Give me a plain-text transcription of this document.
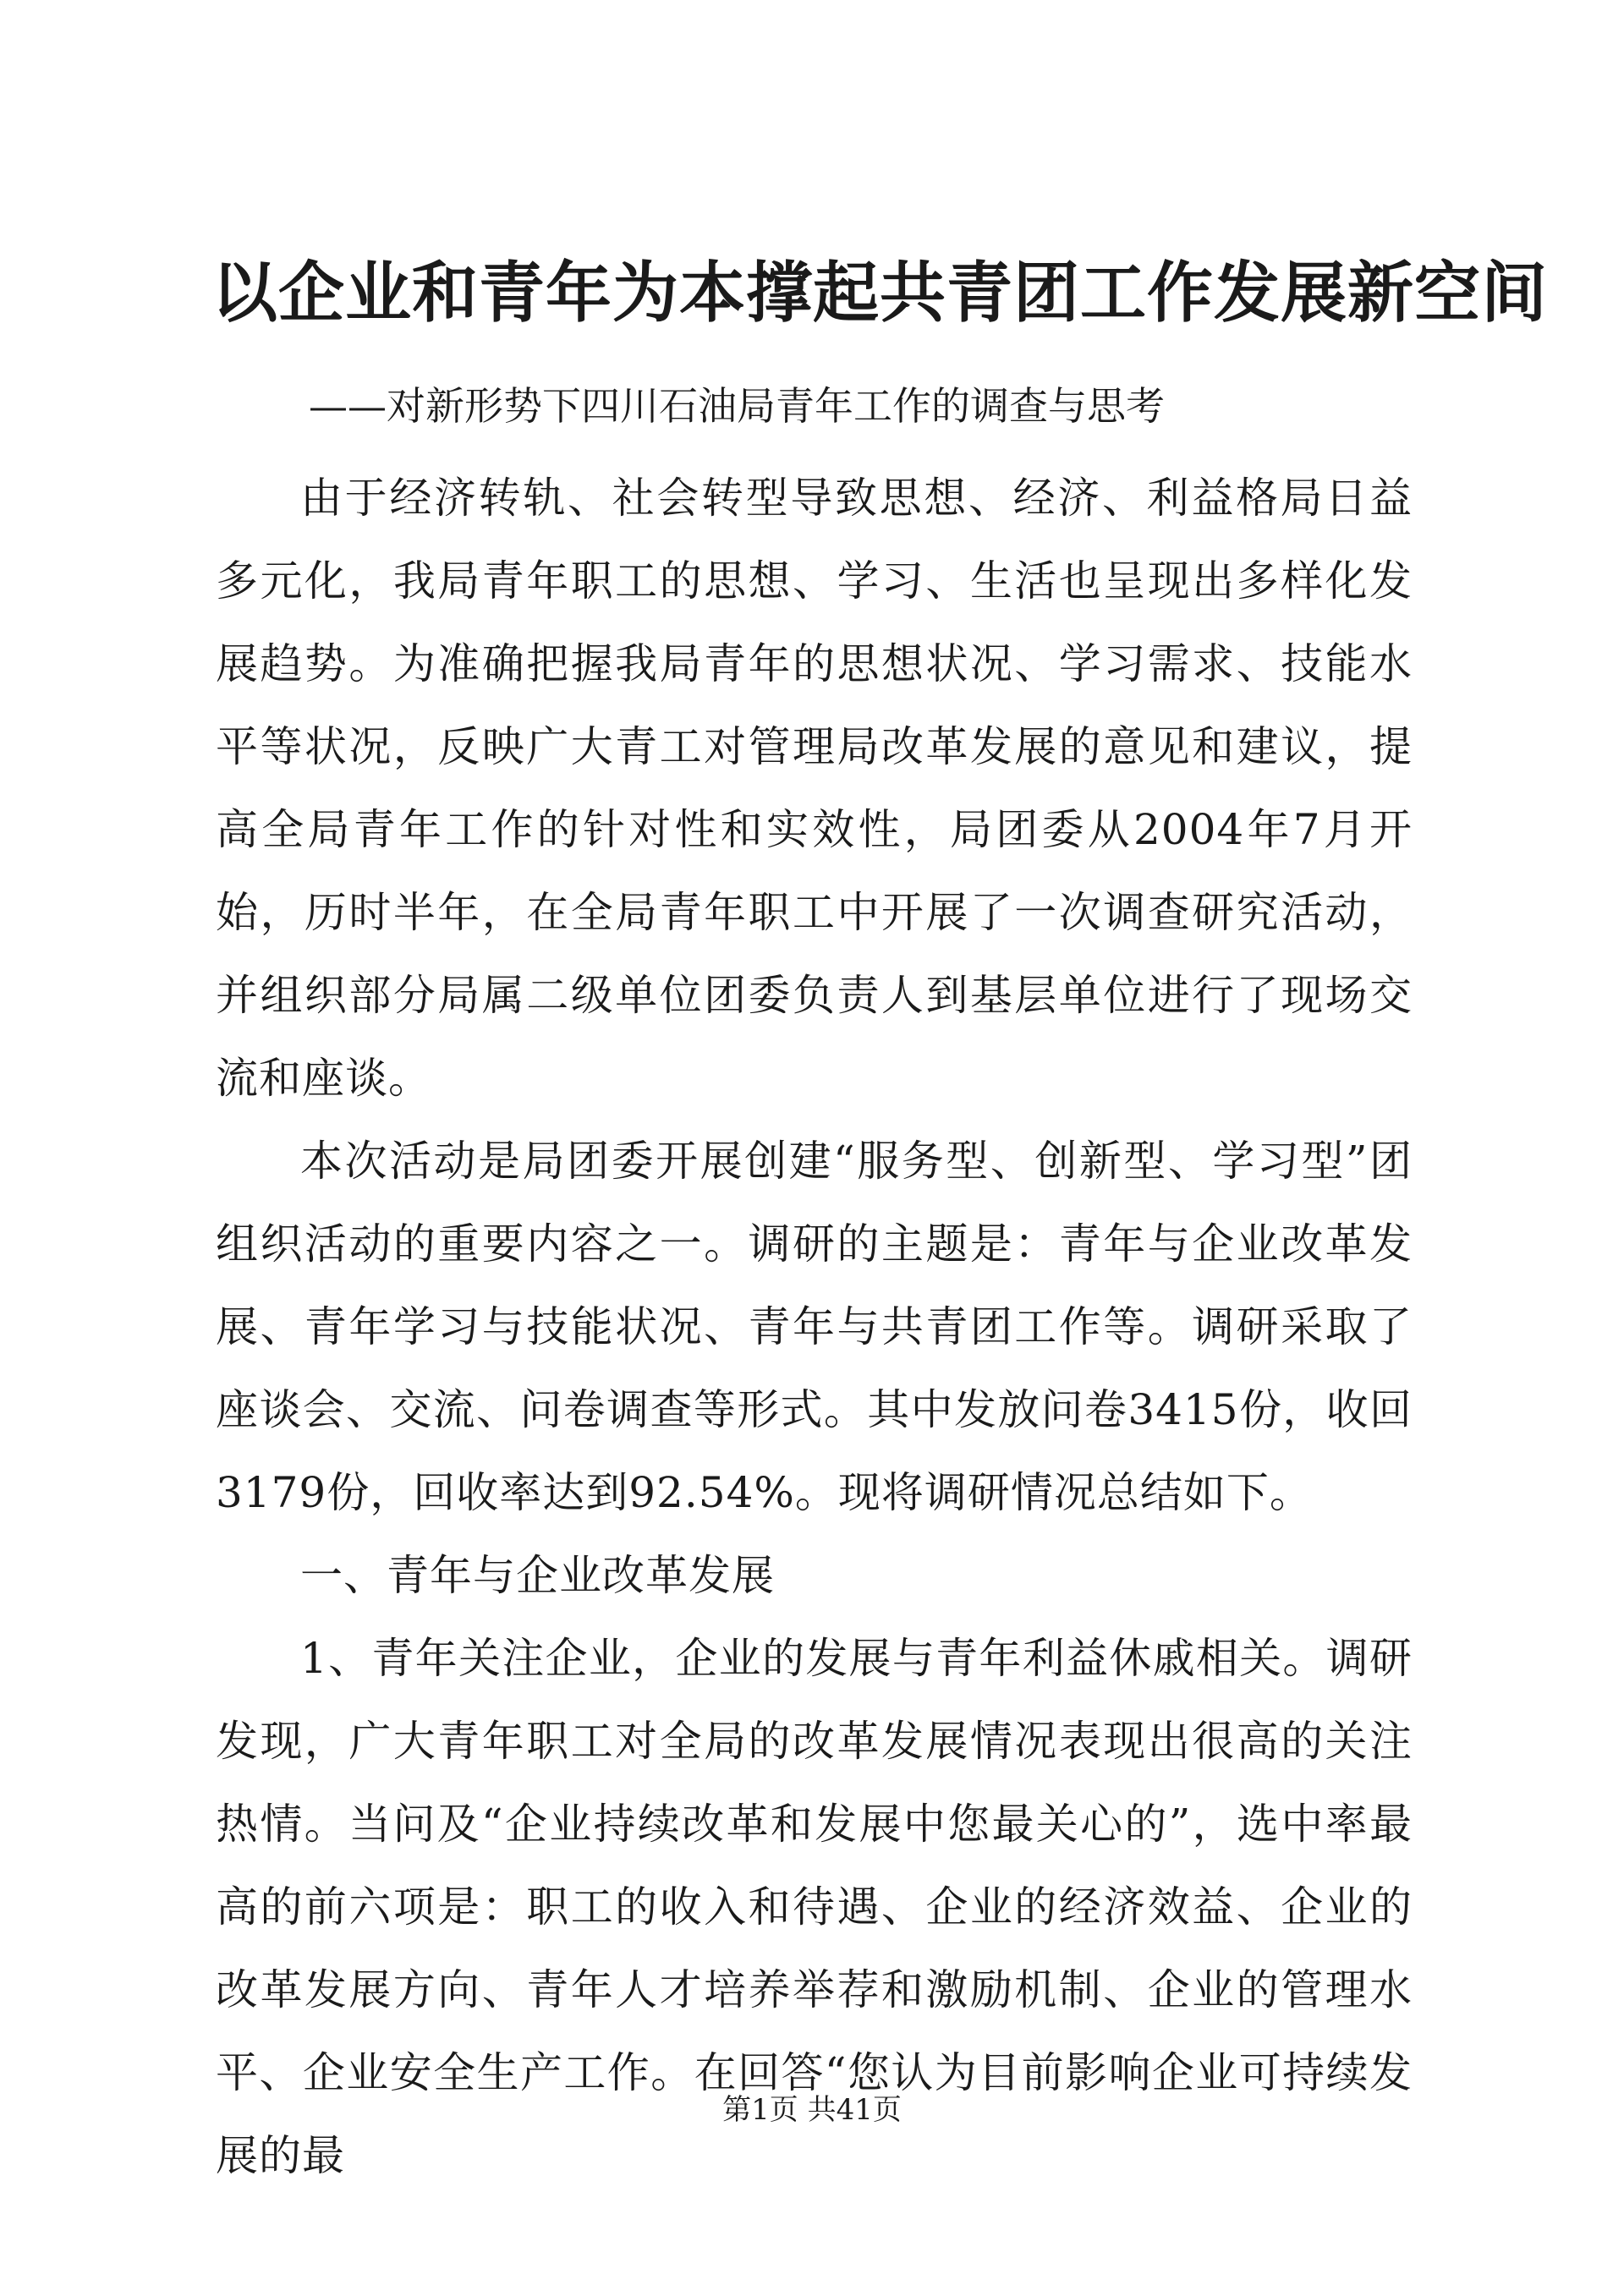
以企业和青年为本撑起共青团工作发展新空间
——对新形势下四川石油局青年工作的调查与思考

由于经济转轨、社会转型导致思想、经济、利益格局日益多元化，我局青年职工的思想、学习、生活也呈现出多样化发展趋势。为准确把握我局青年的思想状况、学习需求、技能水平等状况，反映广大青工对管理局改革发展的意见和建议，提高全局青年工作的针对性和实效性，局团委从2004年7月开始，历时半年，在全局青年职工中开展了一次调查研究活动，并组织部分局属二级单位团委负责人到基层单位进行了现场交流和座谈。

本次活动是局团委开展创建“服务型、创新型、学习型”团组织活动的重要内容之一。调研的主题是：青年与企业改革发展、青年学习与技能状况、青年与共青团工作等。调研采取了座谈会、交流、问卷调查等形式。其中发放问卷3415份，收回3179份，回收率达到92.54%。现将调研情况总结如下。

一、青年与企业改革发展

1、青年关注企业，企业的发展与青年利益休戚相关。调研发现，广大青年职工对全局的改革发展情况表现出很高的关注热情。当问及“企业持续改革和发展中您最关心的”，选中率最高的前六项是：职工的收入和待遇、企业的经济效益、企业的改革发展方向、青年人才培养举荐和激励机制、企业的管理水平、企业安全生产工作。在回答“您认为目前影响企业可持续发展的最

第1页 共41页
